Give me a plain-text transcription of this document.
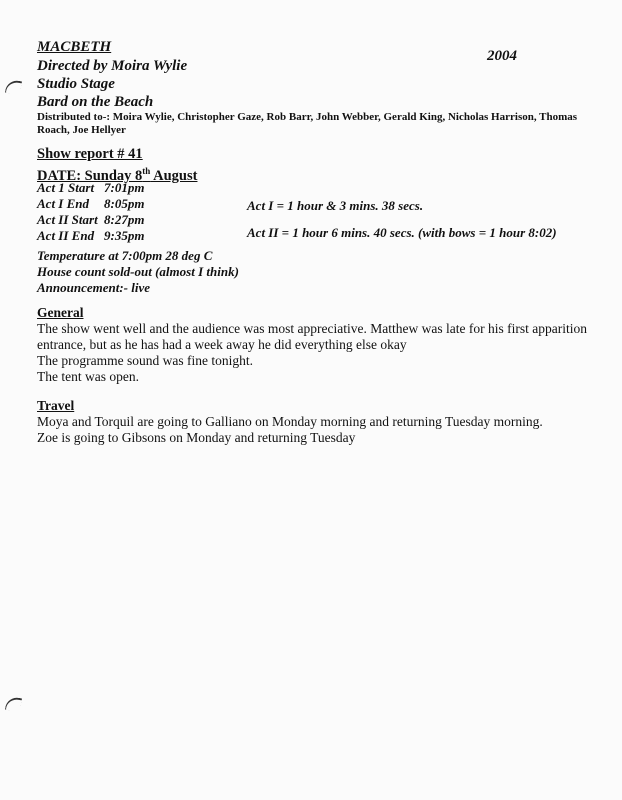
MACBETH
2004
Directed by Moira Wylie
Studio Stage
Bard on the Beach
Distributed to-: Moira Wylie, Christopher Gaze, Rob Barr, John Webber, Gerald King, Nicholas Harrison, Thomas
Roach, Joe Hellyer
Show report # 41
DATE: Sunday 8th August
Act 1 Start 7:01pm
Act I End 8:05pm
Act II Start 8:27pm
Act II End 9:35pm
Act I = 1 hour & 3 mins. 38 secs.
Act II = 1 hour 6 mins. 40 secs. (with bows = 1 hour 8:02)
Temperature at 7:00pm 28 deg C
House count sold-out (almost I think)
Announcement:- live
General
The show went well and the audience was most appreciative. Matthew was late for his first apparition
entrance, but as he has had a week away he did everything else okay
The programme sound was fine tonight.
The tent was open.
Travel
Moya and Torquil are going to Galliano on Monday morning and returning Tuesday morning.
Zoe is going to Gibsons on Monday and returning Tuesday
